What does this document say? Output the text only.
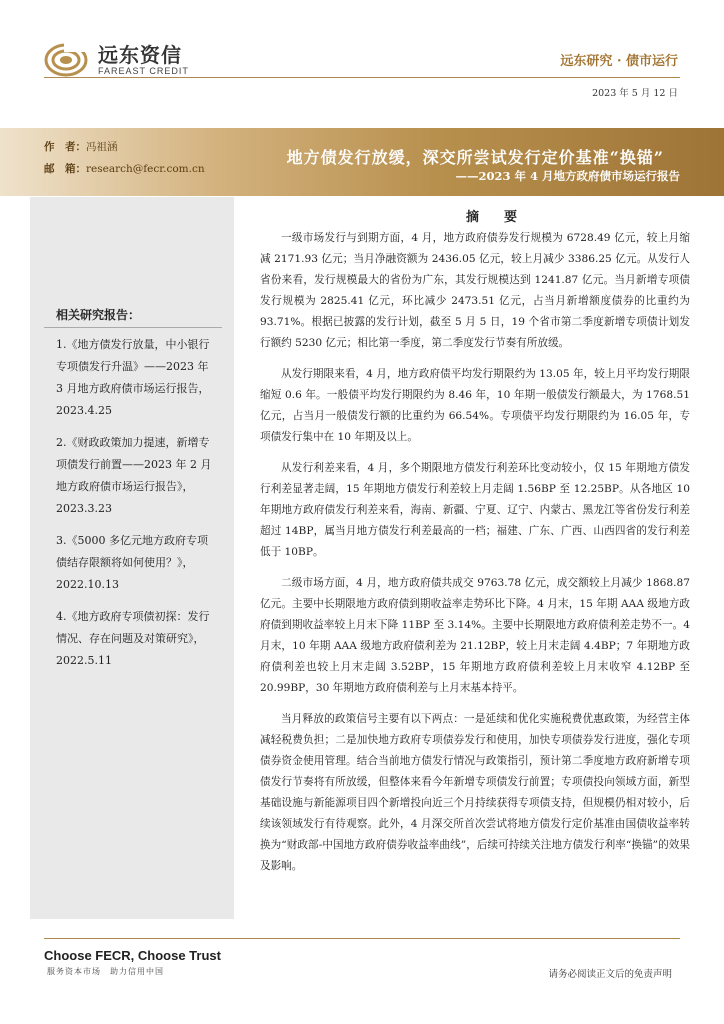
远东资信
FAREAST CREDIT
远东研究 · 债市运行
2023 年 5 月 12 日
作　者：冯祖涵
邮　箱：research@fecr.com.cn
地方债发行放缓，深交所尝试发行定价基准“换锚”
——2023 年 4 月地方政府债市场运行报告
相关研究报告：
1.《地方债发行放量，中小银行专项债发行升温》——2023 年 3 月地方政府债市场运行报告，2023.4.25
2.《财政政策加力提速，新增专项债发行前置——2023 年 2 月地方政府债市场运行报告》，2023.3.23
3.《5000 多亿元地方政府专项债结存限额将如何使用？》，2022.10.13
4.《地方政府专项债初探：发行情况、存在问题及对策研究》，2022.5.11
摘　要

一级市场发行与到期方面，4 月，地方政府债券发行规模为 6728.49 亿元，较上月缩减 2171.93 亿元；当月净融资额为 2436.05 亿元，较上月减少 3386.25 亿元。从发行人省份来看，发行规模最大的省份为广东，其发行规模达到 1241.87 亿元。当月新增专项债发行规模为 2825.41 亿元，环比减少 2473.51 亿元，占当月新增额度债券的比重约为 93.71%。根据已披露的发行计划，截至 5 月 5 日，19 个省市第二季度新增专项债计划发行额约 5230 亿元；相比第一季度，第二季度发行节奏有所放缓。

从发行期限来看，4 月，地方政府债平均发行期限约为 13.05 年，较上月平均发行期限缩短 0.6 年。一般债平均发行期限约为 8.46 年，10 年期一般债发行额最大，为 1768.51 亿元，占当月一般债发行额的比重约为 66.54%。专项债平均发行期限约为 16.05 年，专项债发行集中在 10 年期及以上。

从发行利差来看，4 月，多个期限地方债发行利差环比变动较小，仅 15 年期地方债发行利差显著走阔，15 年期地方债发行利差较上月走阔 1.56BP 至 12.25BP。从各地区 10 年期地方政府债发行利差来看，海南、新疆、宁夏、辽宁、内蒙古、黑龙江等省份发行利差超过 14BP，属当月地方债发行利差最高的一档；福建、广东、广西、山西四省的发行利差低于 10BP。

二级市场方面，4 月，地方政府债共成交 9763.78 亿元，成交额较上月减少 1868.87 亿元。主要中长期限地方政府债到期收益率走势环比下降。4 月末，15 年期 AAA 级地方政府债到期收益率较上月末下降 11BP 至 3.14%。主要中长期限地方政府债利差走势不一。4 月末，10 年期 AAA 级地方政府债利差为 21.12BP，较上月末走阔 4.4BP；7 年期地方政府债利差也较上月末走阔 3.52BP，15 年期地方政府债利差较上月末收窄 4.12BP 至 20.99BP，30 年期地方政府债利差与上月末基本持平。

当月释放的政策信号主要有以下两点：一是延续和优化实施税费优惠政策，为经营主体减轻税费负担；二是加快地方政府专项债券发行和使用，加快专项债券发行进度，强化专项债券资金使用管理。结合当前地方债发行情况与政策指引，预计第二季度地方政府新增专项债发行节奏将有所放缓，但整体来看今年新增专项债发行前置；专项债投向领域方面，新型基础设施与新能源项目四个新增投向近三个月持续获得专项债支持，但规模仍相对较小，后续该领域发行有待观察。此外，4 月深交所首次尝试将地方债发行定价基准由国债收益率转换为“财政部-中国地方政府债券收益率曲线”，后续可持续关注地方债发行利率“换锚”的效果及影响。

Choose FECR, Choose Trust
服务资本市场　助力信用中国	请务必阅读正文后的免责声明
